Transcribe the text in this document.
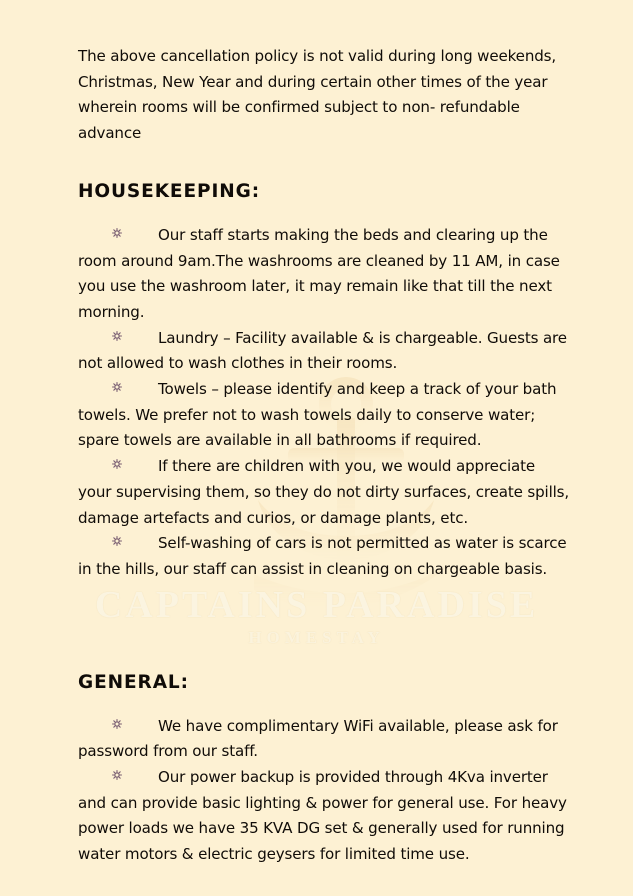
CAPTAINS PARADISE
HOMESTAY

The above cancellation policy is not valid during long weekends, Christmas, New Year and during certain other times of the year wherein rooms will be confirmed subject to non- refundable advance

HOUSEKEEPING:
Our staff starts making the beds and clearing up the room around 9am.The washrooms are cleaned by 11 AM, in case you use the washroom later, it may remain like that till the next morning.
Laundry – Facility available & is chargeable. Guests are not allowed to wash clothes in their rooms.
Towels – please identify and keep a track of your bath towels. We prefer not to wash towels daily to conserve water; spare towels are available in all bathrooms if required.
If there are children with you, we would appreciate your supervising them, so they do not dirty surfaces, create spills, damage artefacts and curios, or damage plants, etc.
Self-washing of cars is not permitted as water is scarce in the hills, our staff can assist in cleaning on chargeable basis.
GENERAL:
We have complimentary WiFi available, please ask for password from our staff.
Our power backup is provided through 4Kva inverter and can provide basic lighting & power for general use. For heavy power loads we have 35 KVA DG set & generally used for running water motors & electric geysers for limited time use.
